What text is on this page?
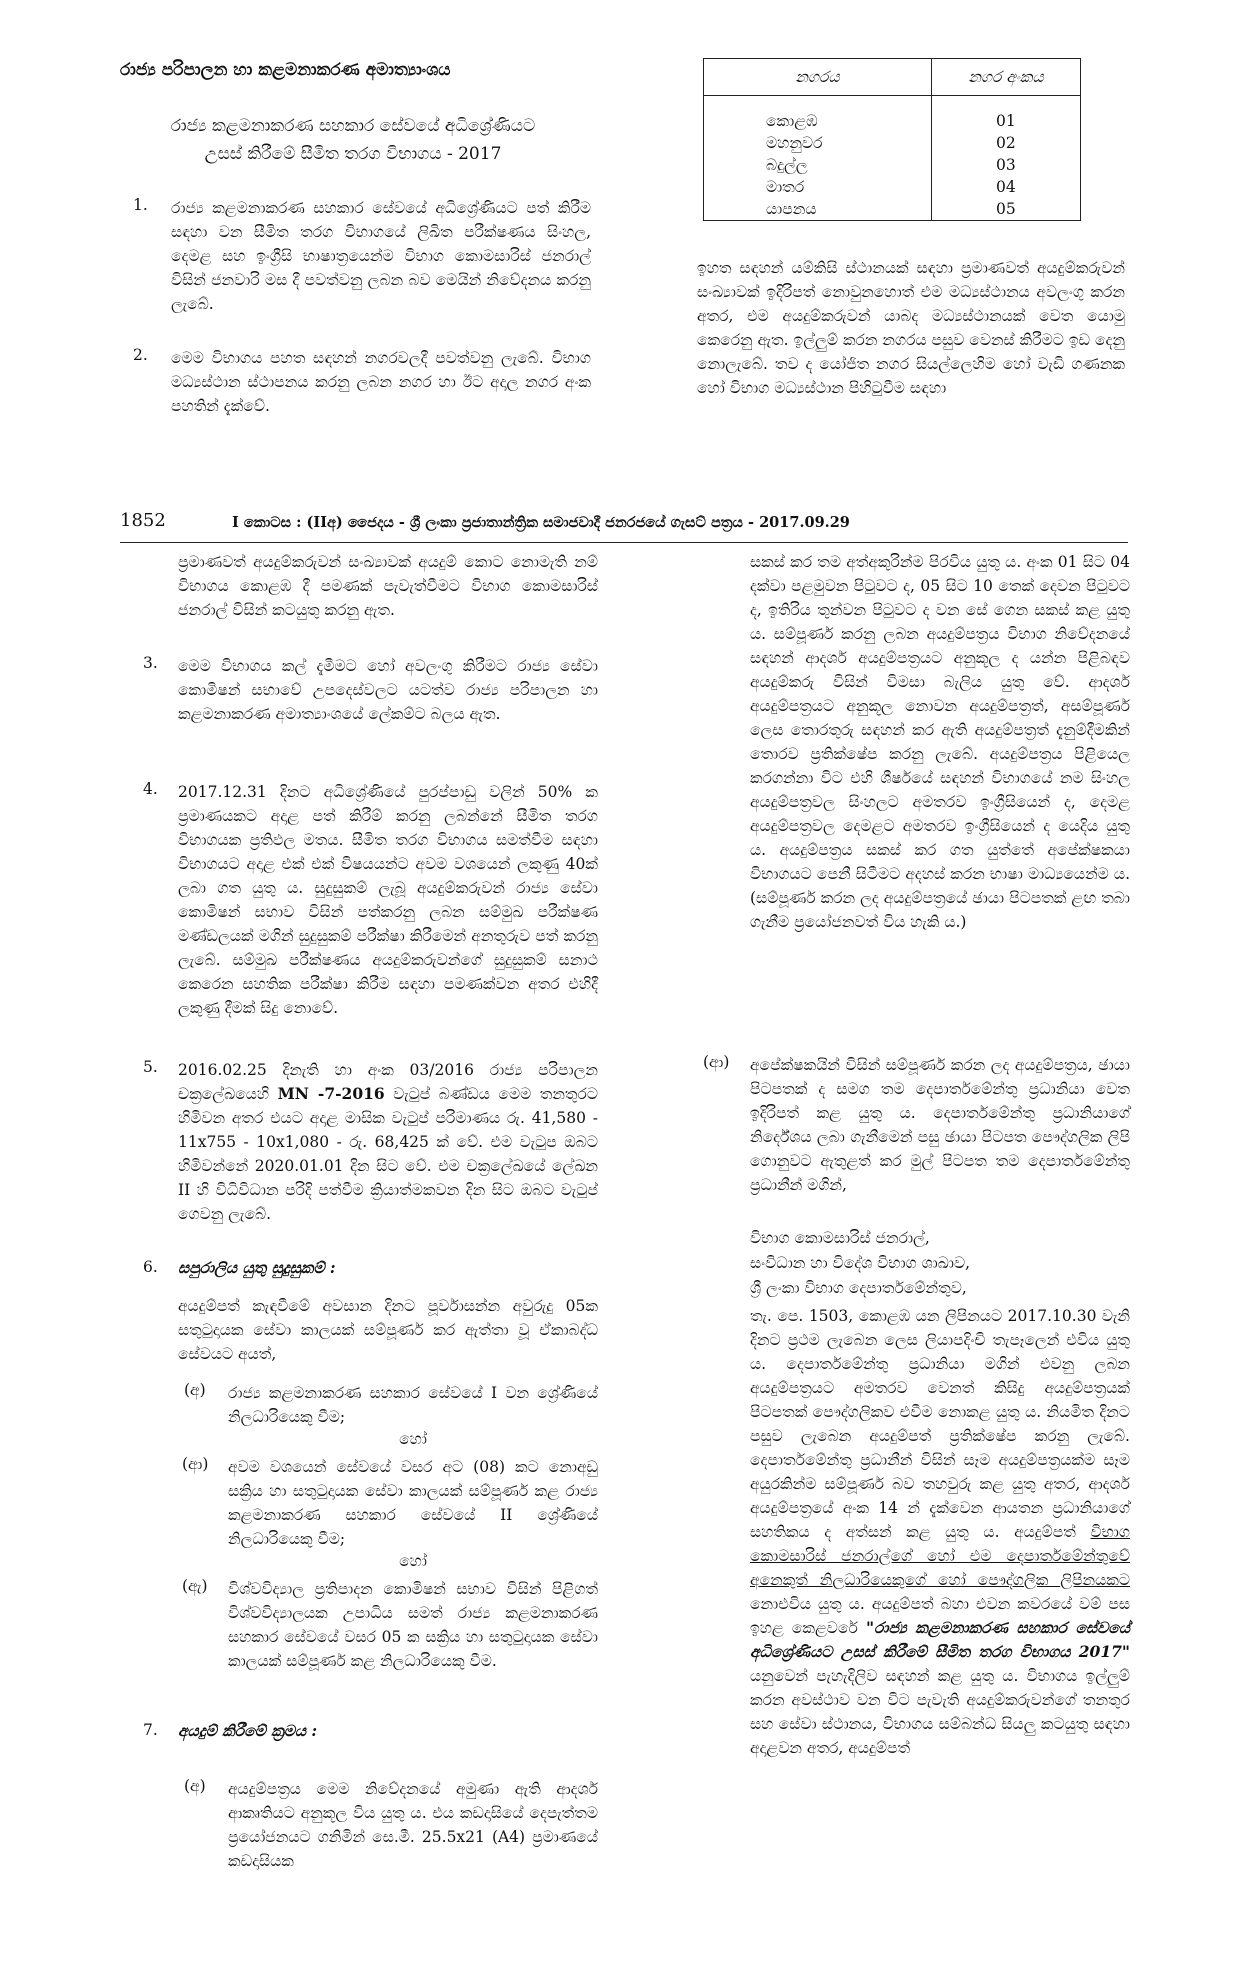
රාජ්‍ය පරිපාලන හා කළමනාකරණ අමාත්‍යාංශය
රාජ්‍ය කළමනාකරණ සහකාර සේවයේ අධිශ්‍රේණියට
උසස් කිරීමේ සීමිත තරග විභාගය - 2017
1. රාජ්‍ය කළමනාකරණ සහකාර සේවයේ අධිශ්‍රේණියට පත් කිරීම සඳහා වන සීමිත තරග විභාගයේ ලිඛිත පරීක්ෂණය සිංහල, දෙමළ සහ ඉංග්‍රීසි භාෂාත්‍රයෙන්ම විභාග කොමසාරිස් ජනරාල් විසින් ජනවාරි මස දී පවත්වනු ලබන බව මෙයින් නිවේදනය කරනු ලැබේ.
2. මෙම විභාගය පහත සඳහන් නගරවලදී පවත්වනු ලැබේ. විභාග මධ්‍යස්ථාන ස්ථාපනය කරනු ලබන නගර හා ඊට අදාල නගර අංක පහතින් දැක්වේ.
නගරය	නගර අංකය

කොළඹ	01
මහනුවර	02
බදුල්ල	03
මාතර	04
යාපනය	05
ඉහත සඳහන් යම්කිසි ස්ථානයක් සඳහා ප්‍රමාණවත් අයදුම්කරුවන් සංඛ්‍යාවක් ඉදිරිපත් නොවුනහොත් එම මධ්‍යස්ථානය අවලංගු කරන අතර, එම අයදුම්කරුවන් යාබද මධ්‍යස්ථානයක් වෙත යොමු කෙරෙනු ඇත. ඉල්ලුම් කරන නගරය පසුව වෙනස් කිරීමට ඉඩ දෙනු නොලැබේ. තව ද යෝජිත නගර සියල්ලෙහිම හෝ වැඩි ගණනක හෝ විභාග මධ්‍යස්ථාන පිහිටුවීම සඳහා
1852	I කොටස : (IIඅ) ජෛදය - ශ්‍රී ලංකා ප්‍රජාතාන්ත්‍රික සමාජවාදී ජනරජයේ ගැසට් පත්‍රය - 2017.09.29
ප්‍රමාණවත් අයදුම්කරුවන් සංඛ්‍යාවක් අයදුම් කොට නොමැති නම් විභාගය කොළඹ දී පමණක් පැවැත්වීමට විභාග කොමසාරිස් ජනරාල් විසින් කටයුතු කරනු ඇත.
3. මෙම විභාගය කල් දැමීමට හෝ අවලංගු කිරීමට රාජ්‍ය සේවා කොමිෂන් සභාවේ උපදෙස්වලට යටත්ව රාජ්‍ය පරිපාලන හා කළමනාකරණ අමාත්‍යාංශයේ ලේකම්ට බලය ඇත.
4. 2017.12.31 දිනට අධිශ්‍රේණියේ පුරප්පාඩු වලින් 50% ක ප්‍රමාණයකට අදාළ පත් කිරීම් කරනු ලබන්නේ සීමිත තරග විභාගයක ප්‍රතිඵල මතය. සීමිත තරග විභාගය සමත්වීම සඳහා විභාගයට අදාළ එක් එක් විෂයයන්ට අවම වශයෙන් ලකුණු 40ක් ලබා ගත යුතු ය. සුදුසුකම් ලැබූ අයදුම්කරුවන් රාජ්‍ය සේවා කොමිෂන් සභාව විසින් පත්කරනු ලබන සම්මුඛ පරීක්ෂණ මණ්ඩලයක් මගින් සුදුසුකම් පරීක්ෂා කිරීමෙන් අනතුරුව පත් කරනු ලැබේ. සම්මුඛ පරීක්ෂණය අයදුම්කරුවන්ගේ සුදුසුකම් සනාථ කෙරෙන සහතික පරීක්ෂා කිරීම සඳහා පමණක්වන අතර එහිදී ලකුණු දීමක් සිදු නොවේ.
5. 2016.02.25 දිනැති හා අංක 03/2016 රාජ්‍ය පරිපාලන චක්‍රලේඛයෙහි MN -7-2016 වැටුප් බණ්ඩය මෙම තනතුරට හිමිවන අතර එයට අදාළ මාසික වැටුප් පරිමාණය රු. 41,580 - 11x755 - 10x1,080 - රු. 68,425 ක් වේ. එම වැටුප ඔබට හිමිවන්නේ 2020.01.01 දින සිට වේ. එම චක්‍රලේඛයේ ලේඛන II හි විධිවිධාන පරිදි පත්වීම ක්‍රියාත්මකවන දින සිට ඔබට වැටුප් ගෙවනු ලැබේ.
6. සපුරාලිය යුතු සුදුසුකම් :
අයදුම්පත් කැඳවීමේ අවසාන දිනට පූර්වාසන්න අවුරුදු 05ක සතුටුදායක සේවා කාලයක් සම්පූර්ණ කර ඇත්තා වූ ඒකාබද්ධ සේවයට අයත්,
(අ) රාජ්‍ය කළමනාකරණ සහකාර සේවයේ I වන ශ්‍රේණියේ නිලධාරියෙකු වීම;
හෝ
(ආ) අවම වශයෙන් සේවයේ වසර අට (08) කට නොඅඩු සක්‍රිය හා සතුටුදායක සේවා කාලයක් සම්පූර්ණ කළ රාජ්‍ය කළමනාකරණ සහකාර සේවයේ II ශ්‍රේණියේ නිලධාරියෙකු වීම;
හෝ
(ඇ) විශ්වවිද්‍යාල ප්‍රතිපාදන කොමිෂන් සභාව විසින් පිළිගත් විශ්වවිද්‍යාලයක උපාධිය සමත් රාජ්‍ය කළමනාකරණ සහකාර සේවයේ වසර 05 ක සක්‍රිය හා සතුටුදායක සේවා කාලයක් සම්පූර්ණ කළ නිලධාරියෙකු වීම.
7. අයදුම් කිරීමේ ක්‍රමය :
(අ) අයදුම්පත්‍රය මෙම නිවේදනයේ අමුණා ඇති ආදර්ශ ආකෘතියට අනුකූල විය යුතු ය. එය කඩදාසියේ දෙපැත්තම ප්‍රයෝජනයට ගනිමින් සෙ.මී. 25.5x21 (A4) ප්‍රමාණයේ කඩදාසියක
සකස් කර තම අත්අකුරින්ම පිරවිය යුතු ය. අංක 01 සිට 04 දක්වා පළමුවන පිටුවට ද, 05 සිට 10 තෙක් දෙවන පිටුවට ද, ඉතිරිය තුන්වන පිටුවට ද වන සේ ගෙන සකස් කළ යුතු ය. සම්පූර්ණ කරනු ලබන අයදුම්පත්‍රය විභාග නිවේදනයේ සඳහන් ආදර්ශ අයදුම්පත්‍රයට අනුකූල ද යන්න පිළිබඳව අයදුම්කරු විසින් විමසා බැලිය යුතු වේ. ආදර්ශ අයදුම්පත්‍රයට අනුකූල නොවන අයදුම්පත්‍රත්, අසම්පූර්ණ ලෙස තොරතුරු සඳහන් කර ඇති අයදුම්පත්‍රත් දැනුම්දීමකින් තොරව ප්‍රතික්ෂේප කරනු ලැබේ. අයදුම්පත්‍රය පිළියෙල කරගන්නා විට එහි ශීර්ෂයේ සඳහන් විභාගයේ නම සිංහල අයදුම්පත්‍රවල සිංහලට අමතරව ඉංග්‍රීසියෙන් ද, දෙමළ අයදුම්පත්‍රවල දෙමළට අමතරව ඉංග්‍රීසියෙන් ද යෙදිය යුතු ය. අයදුම්පත්‍රය සකස් කර ගත යුත්තේ අපේක්ෂකයා විභාගයට පෙනී සිටීමට අදහස් කරන භාෂා මාධ්‍යයෙන්ම ය. (සම්පූර්ණ කරන ලද අයදුම්පත්‍රයේ ඡායා පිටපතක් ළඟ තබා ගැනීම ප්‍රයෝජනවත් විය හැකි ය.)
(ආ) අපේක්ෂකයින් විසින් සම්පූර්ණ කරන ලද අයදුම්පත්‍රය, ඡායා පිටපතක් ද සමග තම දෙපාර්තමේන්තු ප්‍රධානියා වෙත ඉදිරිපත් කළ යුතු ය. දෙපාර්තමේන්තු ප්‍රධානියාගේ නිර්දේශය ලබා ගැනීමෙන් පසු ඡායා පිටපත පෞද්ගලික ලිපි ගොනුවට ඇතුළත් කර මුල් පිටපත තම දෙපාර්තමේන්තු ප්‍රධානීන් මගින්,
විභාග කොමසාරිස් ජනරාල්,
සංවිධාන හා විදේශ විභාග ශාඛාව,
ශ්‍රී ලංකා විභාග දෙපාර්තමේන්තුව,
තැ. පෙ. 1503, කොළඹ යන ලිපිනයට 2017.10.30 වැනි දිනට ප්‍රථම ලැබෙන ලෙස ලියාපදිංචි තැපෑලෙන් එවිය යුතු ය. දෙපාර්තමේන්තු ප්‍රධානියා මගින් එවනු ලබන අයදුම්පත්‍රයට අමතරව වෙනත් කිසිදු අයදුම්පත්‍රයක් පිටපතක් පෞද්ගලිකව එවීම නොකළ යුතු ය. නියමිත දිනට පසුව ලැබෙන අයදුම්පත් ප්‍රතික්ෂේප කරනු ලැබේ. දෙපාර්තමේන්තු ප්‍රධානීන් විසින් සෑම අයදුම්පත්‍රයක්ම සෑම අයුරකින්ම සම්පූර්ණ බව තහවුරු කළ යුතු අතර, ආදර්ශ අයදුම්පත්‍රයේ අංක 14 න් දැක්වෙන ආයතන ප්‍රධානියාගේ සහතිකය ද අත්සන් කළ යුතු ය. අයදුම්පත් විභාග කොමසාරිස් ජනරාල්ගේ හෝ එම දෙපාර්තමේන්තුවේ අනෙකුත් නිලධාරියෙකුගේ හෝ පෞද්ගලික ලිපිනයකට නොඑවිය යුතු ය. අයදුම්පත් බහා එවන කවරයේ වම් පස ඉහළ කෙළවරේ "රාජ්‍ය කළමනාකරණ සහකාර සේවයේ අධිශ්‍රේණියට උසස් කිරීමේ සීමිත තරග විභාගය 2017" යනුවෙන් පැහැදිලිව සඳහන් කළ යුතු ය. විභාගය ඉල්ලුම් කරන අවස්ථාව වන විට පැවැති අයදුම්කරුවන්ගේ තනතුර සහ සේවා ස්ථානය, විභාගය සම්බන්ධ සියලු කටයුතු සඳහා අදාළවන අතර, අයදුම්පත්
